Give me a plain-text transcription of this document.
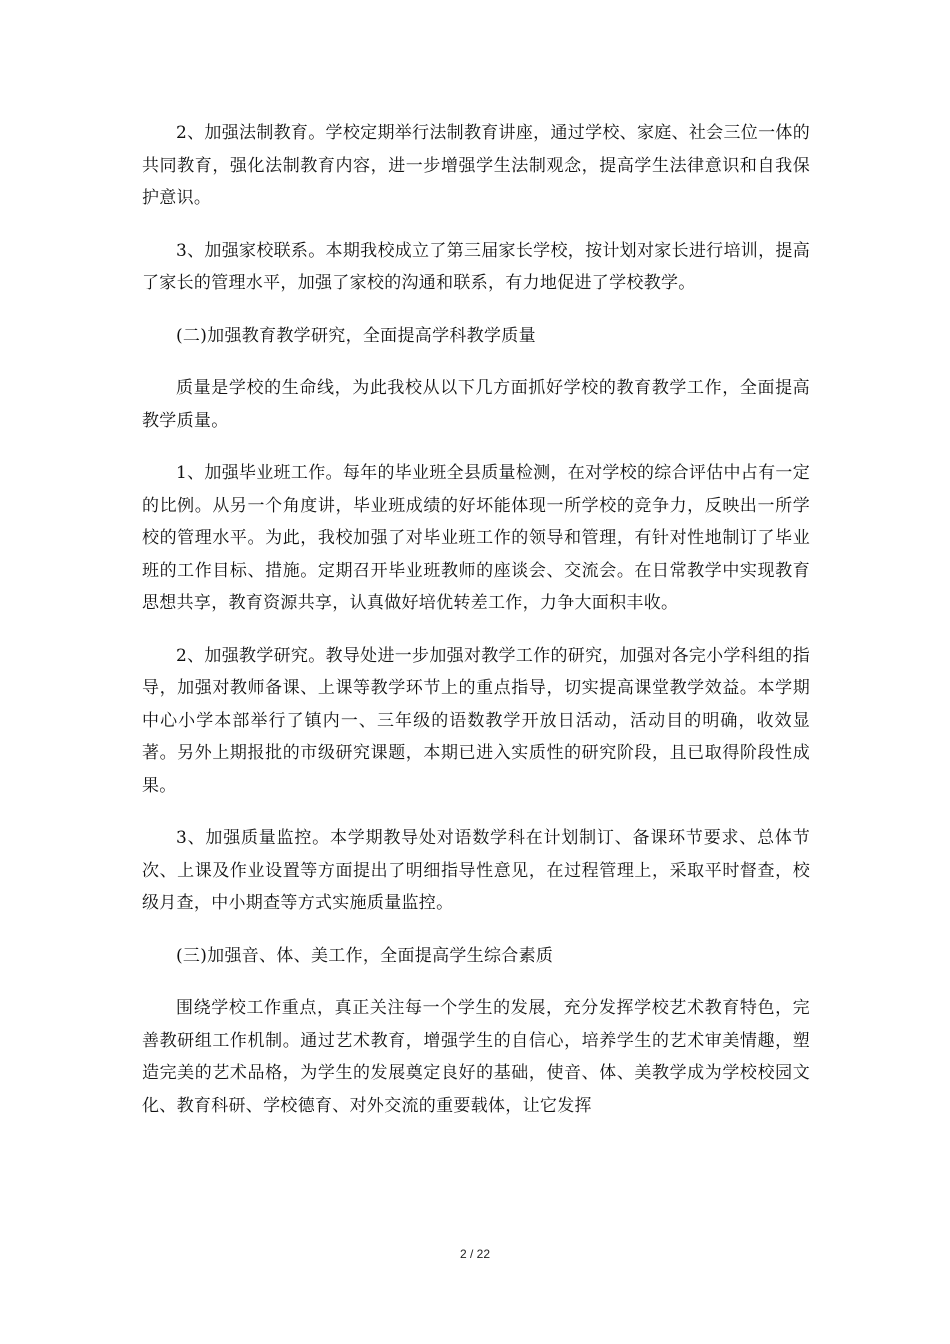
2、加强法制教育。学校定期举行法制教育讲座，通过学校、家庭、社会三位一体的共同教育，强化法制教育内容，进一步增强学生法制观念，提高学生法律意识和自我保护意识。

3、加强家校联系。本期我校成立了第三届家长学校，按计划对家长进行培训，提高了家长的管理水平，加强了家校的沟通和联系，有力地促进了学校教学。

(二)加强教育教学研究，全面提高学科教学质量

质量是学校的生命线，为此我校从以下几方面抓好学校的教育教学工作，全面提高教学质量。

1、加强毕业班工作。每年的毕业班全县质量检测，在对学校的综合评估中占有一定的比例。从另一个角度讲，毕业班成绩的好坏能体现一所学校的竞争力，反映出一所学校的管理水平。为此，我校加强了对毕业班工作的领导和管理，有针对性地制订了毕业班的工作目标、措施。定期召开毕业班教师的座谈会、交流会。在日常教学中实现教育思想共享，教育资源共享，认真做好培优转差工作，力争大面积丰收。

2、加强教学研究。教导处进一步加强对教学工作的研究，加强对各完小学科组的指导，加强对教师备课、上课等教学环节上的重点指导，切实提高课堂教学效益。本学期中心小学本部举行了镇内一、三年级的语数教学开放日活动，活动目的明确，收效显著。另外上期报批的市级研究课题，本期已进入实质性的研究阶段，且已取得阶段性成果。

3、加强质量监控。本学期教导处对语数学科在计划制订、备课环节要求、总体节次、上课及作业设置等方面提出了明细指导性意见，在过程管理上，采取平时督查，校级月查，中小期查等方式实施质量监控。

(三)加强音、体、美工作，全面提高学生综合素质

围绕学校工作重点，真正关注每一个学生的发展，充分发挥学校艺术教育特色，完善教研组工作机制。通过艺术教育，增强学生的自信心，培养学生的艺术审美情趣，塑造完美的艺术品格，为学生的发展奠定良好的基础，使音、体、美教学成为学校校园文化、教育科研、学校德育、对外交流的重要载体，让它发挥

2 / 22
